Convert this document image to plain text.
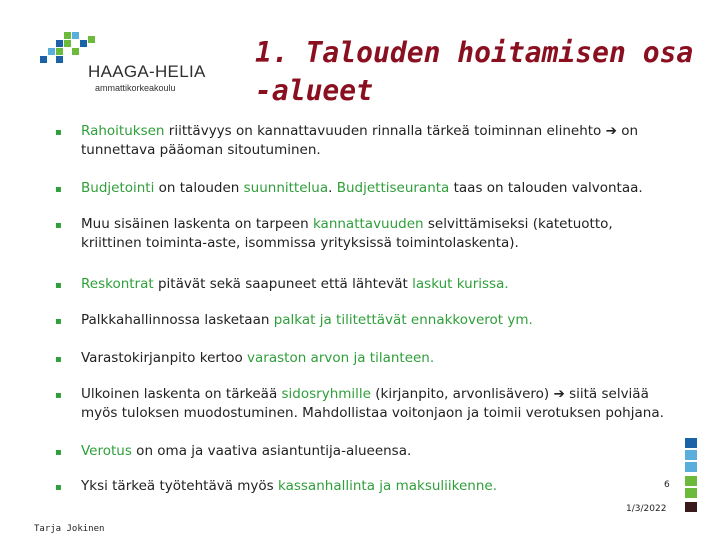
HAAGA-HELIA
ammattikorkeakoulu
1. Talouden hoitamisen osa
-alueet
▪ Rahoituksen riittävyys on kannattavuuden rinnalla tärkeä toiminnan elinehto ➔ on tunnettava pääoman sitoutuminen.
▪ Budjetointi on talouden suunnittelua. Budjettiseuranta taas on talouden valvontaa.
▪ Muu sisäinen laskenta on tarpeen kannattavuuden selvittämiseksi (katetuotto, kriittinen toiminta-aste, isommissa yrityksissä toimintolaskenta).
▪ Reskontrat pitävät sekä saapuneet että lähtevät laskut kurissa.
▪ Palkkahallinnossa lasketaan palkat ja tilitettävät ennakkoverot ym.
▪ Varastokirjanpito kertoo varaston arvon ja tilanteen.
▪ Ulkoinen laskenta on tärkeää sidosryhmille (kirjanpito, arvonlisävero) ➔ siitä selviää myös tuloksen muodostuminen. Mahdollistaa voitonjaon ja toimii verotuksen pohjana.
▪ Verotus on oma ja vaativa asiantuntija-alueensa.
▪ Yksi tärkeä työtehtävä myös kassanhallinta ja maksuliikenne.	6
1/3/2022
Tarja Jokinen
